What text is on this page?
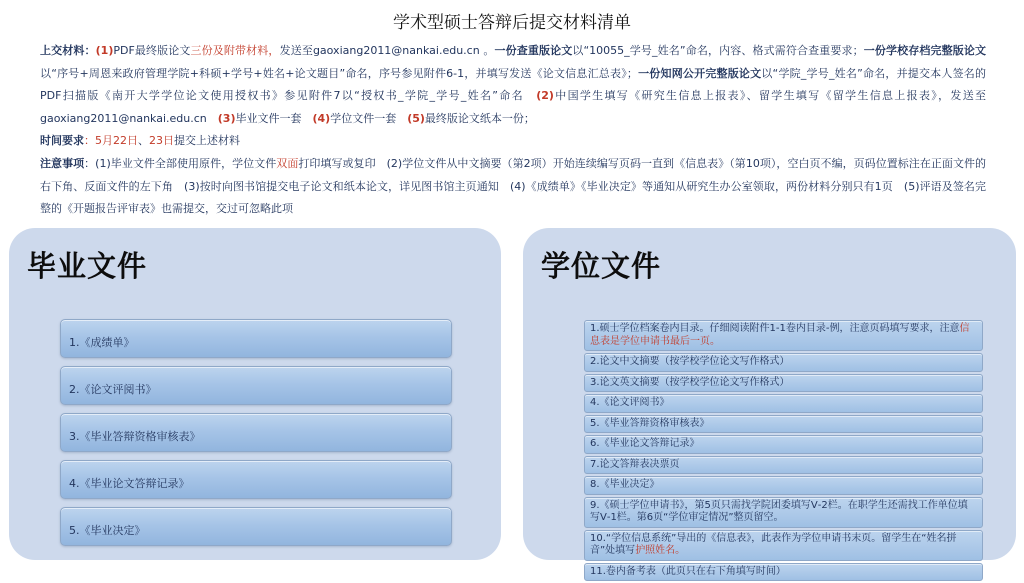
学术型硕士答辩后提交材料清单

上交材料：(1)PDF最终版论文三份及附带材料，发送至gaoxiang2011@nankai.edu.cn 。一份查重版论文以“10055_学号_姓名”命名，内容、格式需符合查重要求；一份学校存档完整版论文以“序号+周恩来政府管理学院+科硕+学号+姓名+论文题目”命名，序号参见附件6-1，并填写发送《论文信息汇总表》；一份知网公开完整版论文以“学院_学号_姓名”命名，并提交本人签名的PDF扫描版《南开大学学位论文使用授权书》参见附件7以“授权书_学院_学号_姓名”命名　(2)中国学生填写《研究生信息上报表》、留学生填写《留学生信息上报表》，发送至gaoxiang2011@nankai.edu.cn　(3)毕业文件一套　(4)学位文件一套　(5)最终版论文纸本一份；

时间要求：5月22日、23日提交上述材料

注意事项：(1)毕业文件全部使用原件，学位文件双面打印填写或复印　(2)学位文件从中文摘要（第2项）开始连续编写页码一直到《信息表》（第10项），空白页不编，页码位置标注在正面文件的右下角、反面文件的左下角　(3)按时向图书馆提交电子论文和纸本论文，详见图书馆主页通知　(4)《成绩单》《毕业决定》等通知从研究生办公室领取，两份材料分别只有1页　(5)评语及签名完整的《开题报告评审表》也需提交，交过可忽略此项

毕业文件
1.《成绩单》
2.《论文评阅书》
3.《毕业答辩资格审核表》
4.《毕业论文答辩记录》
5.《毕业决定》
学位文件
1.硕士学位档案卷内目录。仔细阅读附件1-1卷内目录-例，注意页码填写要求，注意信息表是学位申请书最后一页。
2.论文中文摘要（按学校学位论文写作格式）
3.论文英文摘要（按学校学位论文写作格式）
4.《论文评阅书》
5.《毕业答辩资格审核表》
6.《毕业论文答辩记录》
7.论文答辩表决票页
8.《毕业决定》
9.《硕士学位申请书》，第5页只需找学院团委填写Ⅴ-2栏。在职学生还需找工作单位填写Ⅴ-1栏。第6页“学位审定情况”整页留空。
10.“学位信息系统”导出的《信息表》，此表作为学位申请书末页。留学生在“姓名拼音”处填写护照姓名。
11.卷内备考表（此页只在右下角填写时间）
